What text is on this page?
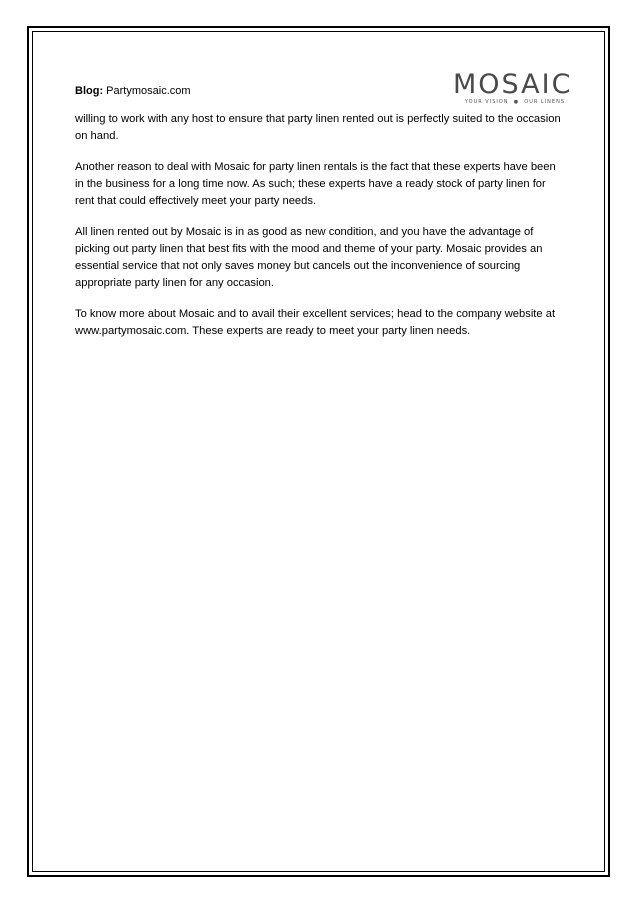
Blog: Partymosaic.com	MOSAIC
YOUR VISION  ●  OUR LINENS

willing to work with any host to ensure that party linen rented out is perfectly suited to the occasion on hand.

Another reason to deal with Mosaic for party linen rentals is the fact that these experts have been in the business for a long time now. As such; these experts have a ready stock of party linen for rent that could effectively meet your party needs.

All linen rented out by Mosaic is in as good as new condition, and you have the advantage of picking out party linen that best fits with the mood and theme of your party. Mosaic provides an essential service that not only saves money but cancels out the inconvenience of sourcing appropriate party linen for any occasion.

To know more about Mosaic and to avail their excellent services; head to the company website at www.partymosaic.com. These experts are ready to meet your party linen needs.
